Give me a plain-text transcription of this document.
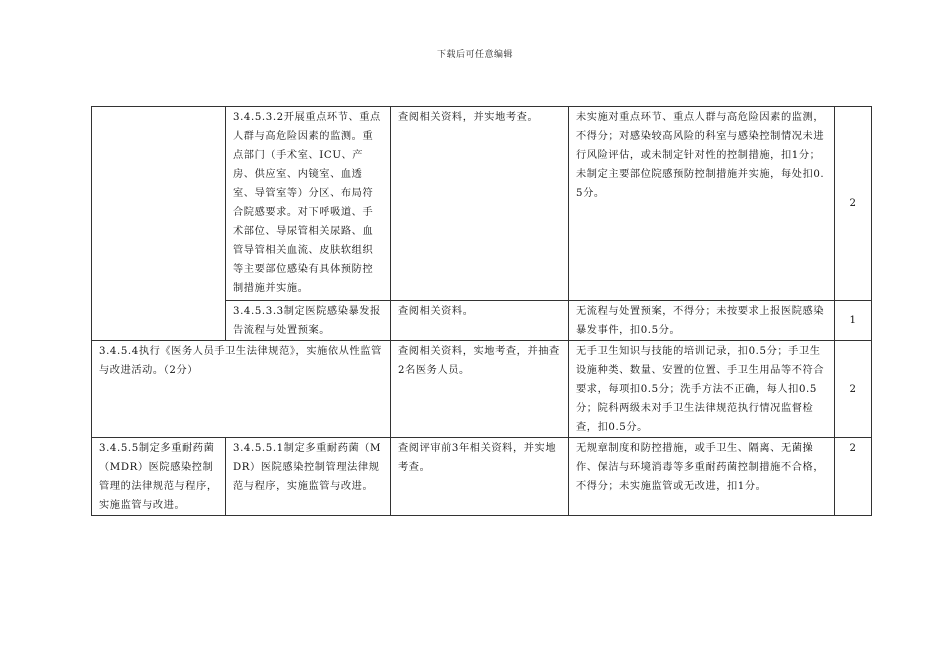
下载后可任意编辑
	3.4.5.3.2开展重点环节、重点人群与高危险因素的监测。重点部门（手术室、ICU、产房、供应室、内镜室、血透室、导管室等）分区、布局符合院感要求。对下呼吸道、手术部位、导尿管相关尿路、血管导管相关血流、皮肤软组织等主要部位感染有具体预防控制措施并实施。	查阅相关资料，并实地考查。	未实施对重点环节、重点人群与高危险因素的监测，不得分；对感染较高风险的科室与感染控制情况未进行风险评估，或未制定针对性的控制措施，扣1分；未制定主要部位院感预防控制措施并实施，每处扣0.5分。	2
	3.4.5.3.3制定医院感染暴发报告流程与处置预案。	查阅相关资料。	无流程与处置预案，不得分；未按要求上报医院感染暴发事件，扣0.5分。	1
3.4.5.4执行《医务人员手卫生法律规范》，实施依从性监管与改进活动。（2分）		查阅相关资料，实地考查，并抽查2名医务人员。	无手卫生知识与技能的培训记录，扣0.5分；手卫生设施种类、数量、安置的位置、手卫生用品等不符合要求，每项扣0.5分；洗手方法不正确，每人扣0.5分；院科两级未对手卫生法律规范执行情况监督检查，扣0.5分。	2
3.4.5.5制定多重耐药菌（MDR）医院感染控制管理的法律规范与程序，实施监管与改进。	3.4.5.5.1制定多重耐药菌（MDR）医院感染控制管理法律规范与程序，实施监管与改进。	查阅评审前3年相关资料，并实地考查。	无规章制度和防控措施，或手卫生、隔离、无菌操作、保洁与环境消毒等多重耐药菌控制措施不合格，不得分；未实施监管或无改进，扣1分。	2
